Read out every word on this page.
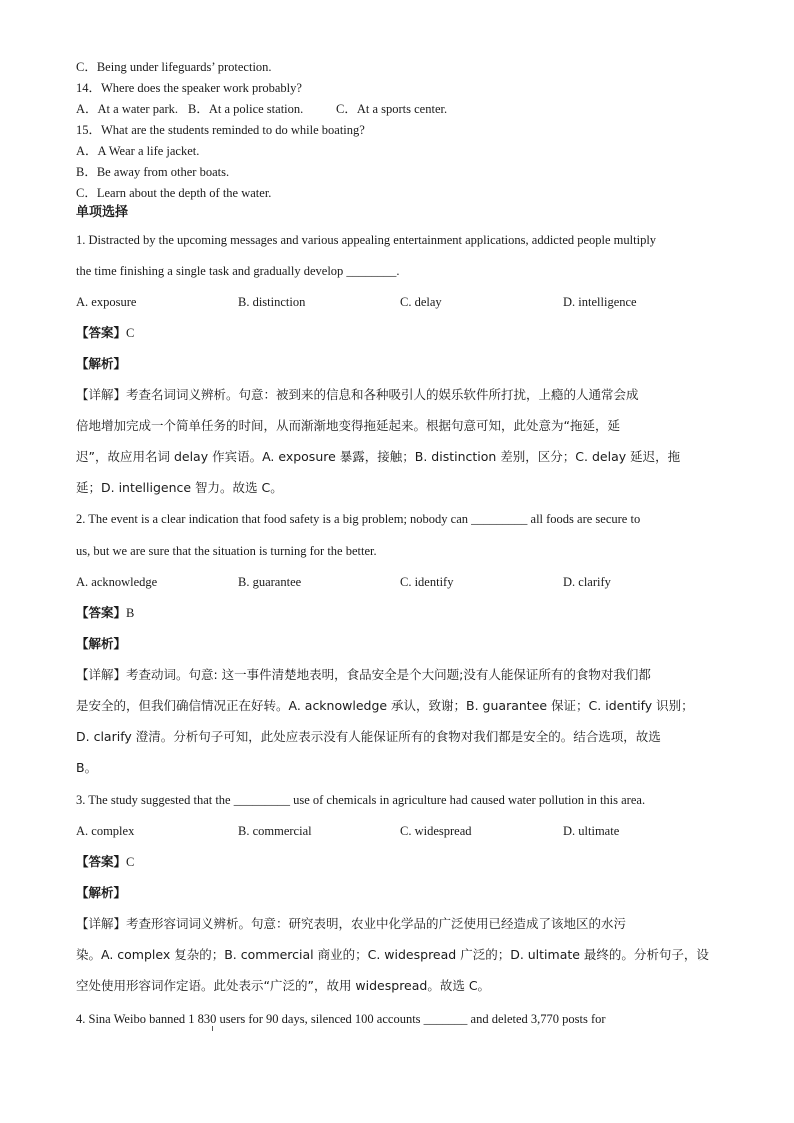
C．Being under lifeguards’ protection.
14．Where does the speaker work probably?
A．At a water park. B．At a police station.	C．At a sports center.
15．What are the students reminded to do while boating?
A．A Wear a life jacket.
B．Be away from other boats.
C．Learn about the depth of the water.
单项选择
1. Distracted by the upcoming messages and various appealing entertainment applications, addicted people multiply
the time finishing a single task and gradually develop ________.
A. exposure	B. distinction	C. delay	D. intelligence
【答案】C
【解析】
【详解】考查名词词义辨析。句意：被到来的信息和各种吸引人的娱乐软件所打扰，上瘾的人通常会成
倍地增加完成一个简单任务的时间，从而渐渐地变得拖延起来。根据句意可知，此处意为“拖延，延
迟”，故应用名词 delay 作宾语。A. exposure 暴露，接触；B. distinction 差别，区分；C. delay 延迟，拖
延；D. intelligence 智力。故选 C。
2. The event is a clear indication that food safety is a big problem; nobody can _________ all foods are secure to
us, but we are sure that the situation is turning for the better.
A. acknowledge	B. guarantee	C. identify	D. clarify
【答案】B
【解析】
【详解】考查动词。句意: 这一事件清楚地表明，食品安全是个大问题;没有人能保证所有的食物对我们都
是安全的，但我们确信情况正在好转。A. acknowledge 承认，致谢；B. guarantee 保证；C. identify 识别；
D. clarify 澄清。分析句子可知，此处应表示没有人能保证所有的食物对我们都是安全的。结合选项，故选
B。
3. The study suggested that the _________ use of chemicals in agriculture had caused water pollution in this area.
A. complex	B. commercial	C. widespread	D. ultimate
【答案】C
【解析】
【详解】考查形容词词义辨析。句意：研究表明，农业中化学品的广泛使用已经造成了该地区的水污
染。A. complex 复杂的；B. commercial 商业的；C. widespread 广泛的；D. ultimate 最终的。分析句子，设
空处使用形容词作定语。此处表示“广泛的”，故用 widespread。故选 C。
4. Sina Weibo banned 1 830 users for 90 days, silenced 100 accounts _______ and deleted 3,770 posts for
